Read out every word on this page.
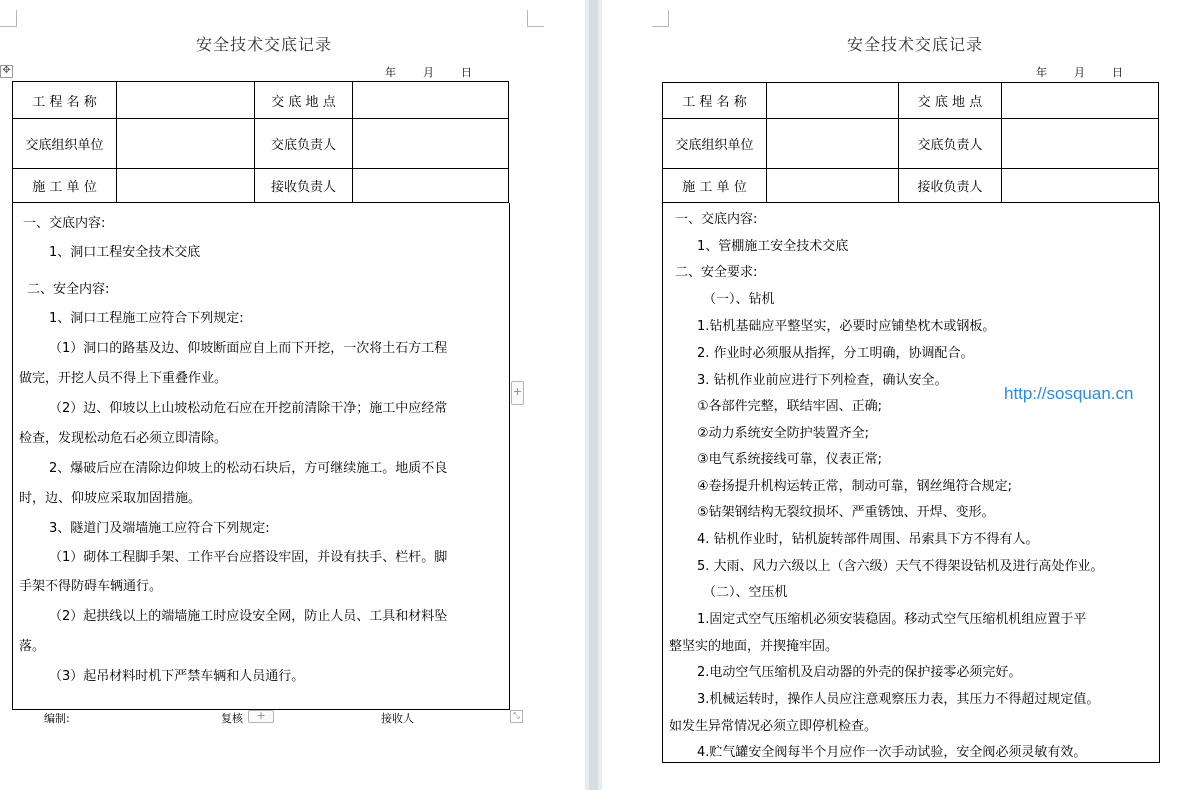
安全技术交底记录
年 月 日
✥
工 程 名 称		交 底 地 点	
交底组织单位		交底负责人	
施 工 单 位		接收负责人	
一、交底内容:
1、洞口工程安全技术交底
二、安全内容:
1、洞口工程施工应符合下列规定:
（1）洞口的路基及边、仰坡断面应自上而下开挖，一次将土石方工程
做完，开挖人员不得上下重叠作业。
（2）边、仰坡以上山坡松动危石应在开挖前清除干净；施工中应经常
检查，发现松动危石必须立即清除。
2、爆破后应在清除边仰坡上的松动石块后，方可继续施工。地质不良
时，边、仰坡应采取加固措施。
3、隧道门及端墙施工应符合下列规定:
（1）砌体工程脚手架、工作平台应搭设牢固，并设有扶手、栏杆。脚
手架不得防碍车辆通行。
（2）起拱线以上的端墙施工时应设安全网，防止人员、工具和材料坠
落。
（3）起吊材料时机下严禁车辆和人员通行。
+
⤡
编制:	复核	+	接收人
安全技术交底记录
年 月 日
工 程 名 称		交 底 地 点	
交底组织单位		交底负责人	
施 工 单 位		接收负责人	
一、交底内容:
1、管棚施工安全技术交底
二、安全要求:
（一）、钻机
1.钻机基础应平整坚实，必要时应铺垫枕木或钢板。
2. 作业时必须服从指挥，分工明确，协调配合。
3. 钻机作业前应进行下列检查，确认安全。
①各部件完整，联结牢固、正确;
②动力系统安全防护装置齐全;
③电气系统接线可靠，仪表正常;
④卷扬提升机构运转正常，制动可靠，钢丝绳符合规定;
⑤钻架钢结构无裂纹损坏、严重锈蚀、开焊、变形。
4. 钻机作业时，钻机旋转部件周围、吊索具下方不得有人。
5. 大雨、风力六级以上（含六级）天气不得架设钻机及进行高处作业。
（二）、空压机
1.固定式空气压缩机必须安装稳固。移动式空气压缩机机组应置于平
整坚实的地面，并揳掩牢固。
2.电动空气压缩机及启动器的外壳的保护接零必须完好。
3.机械运转时，操作人员应注意观察压力表，其压力不得超过规定值。
如发生异常情况必须立即停机检查。
4.贮气罐安全阀每半个月应作一次手动试验，安全阀必须灵敏有效。
http://sosquan.cn
